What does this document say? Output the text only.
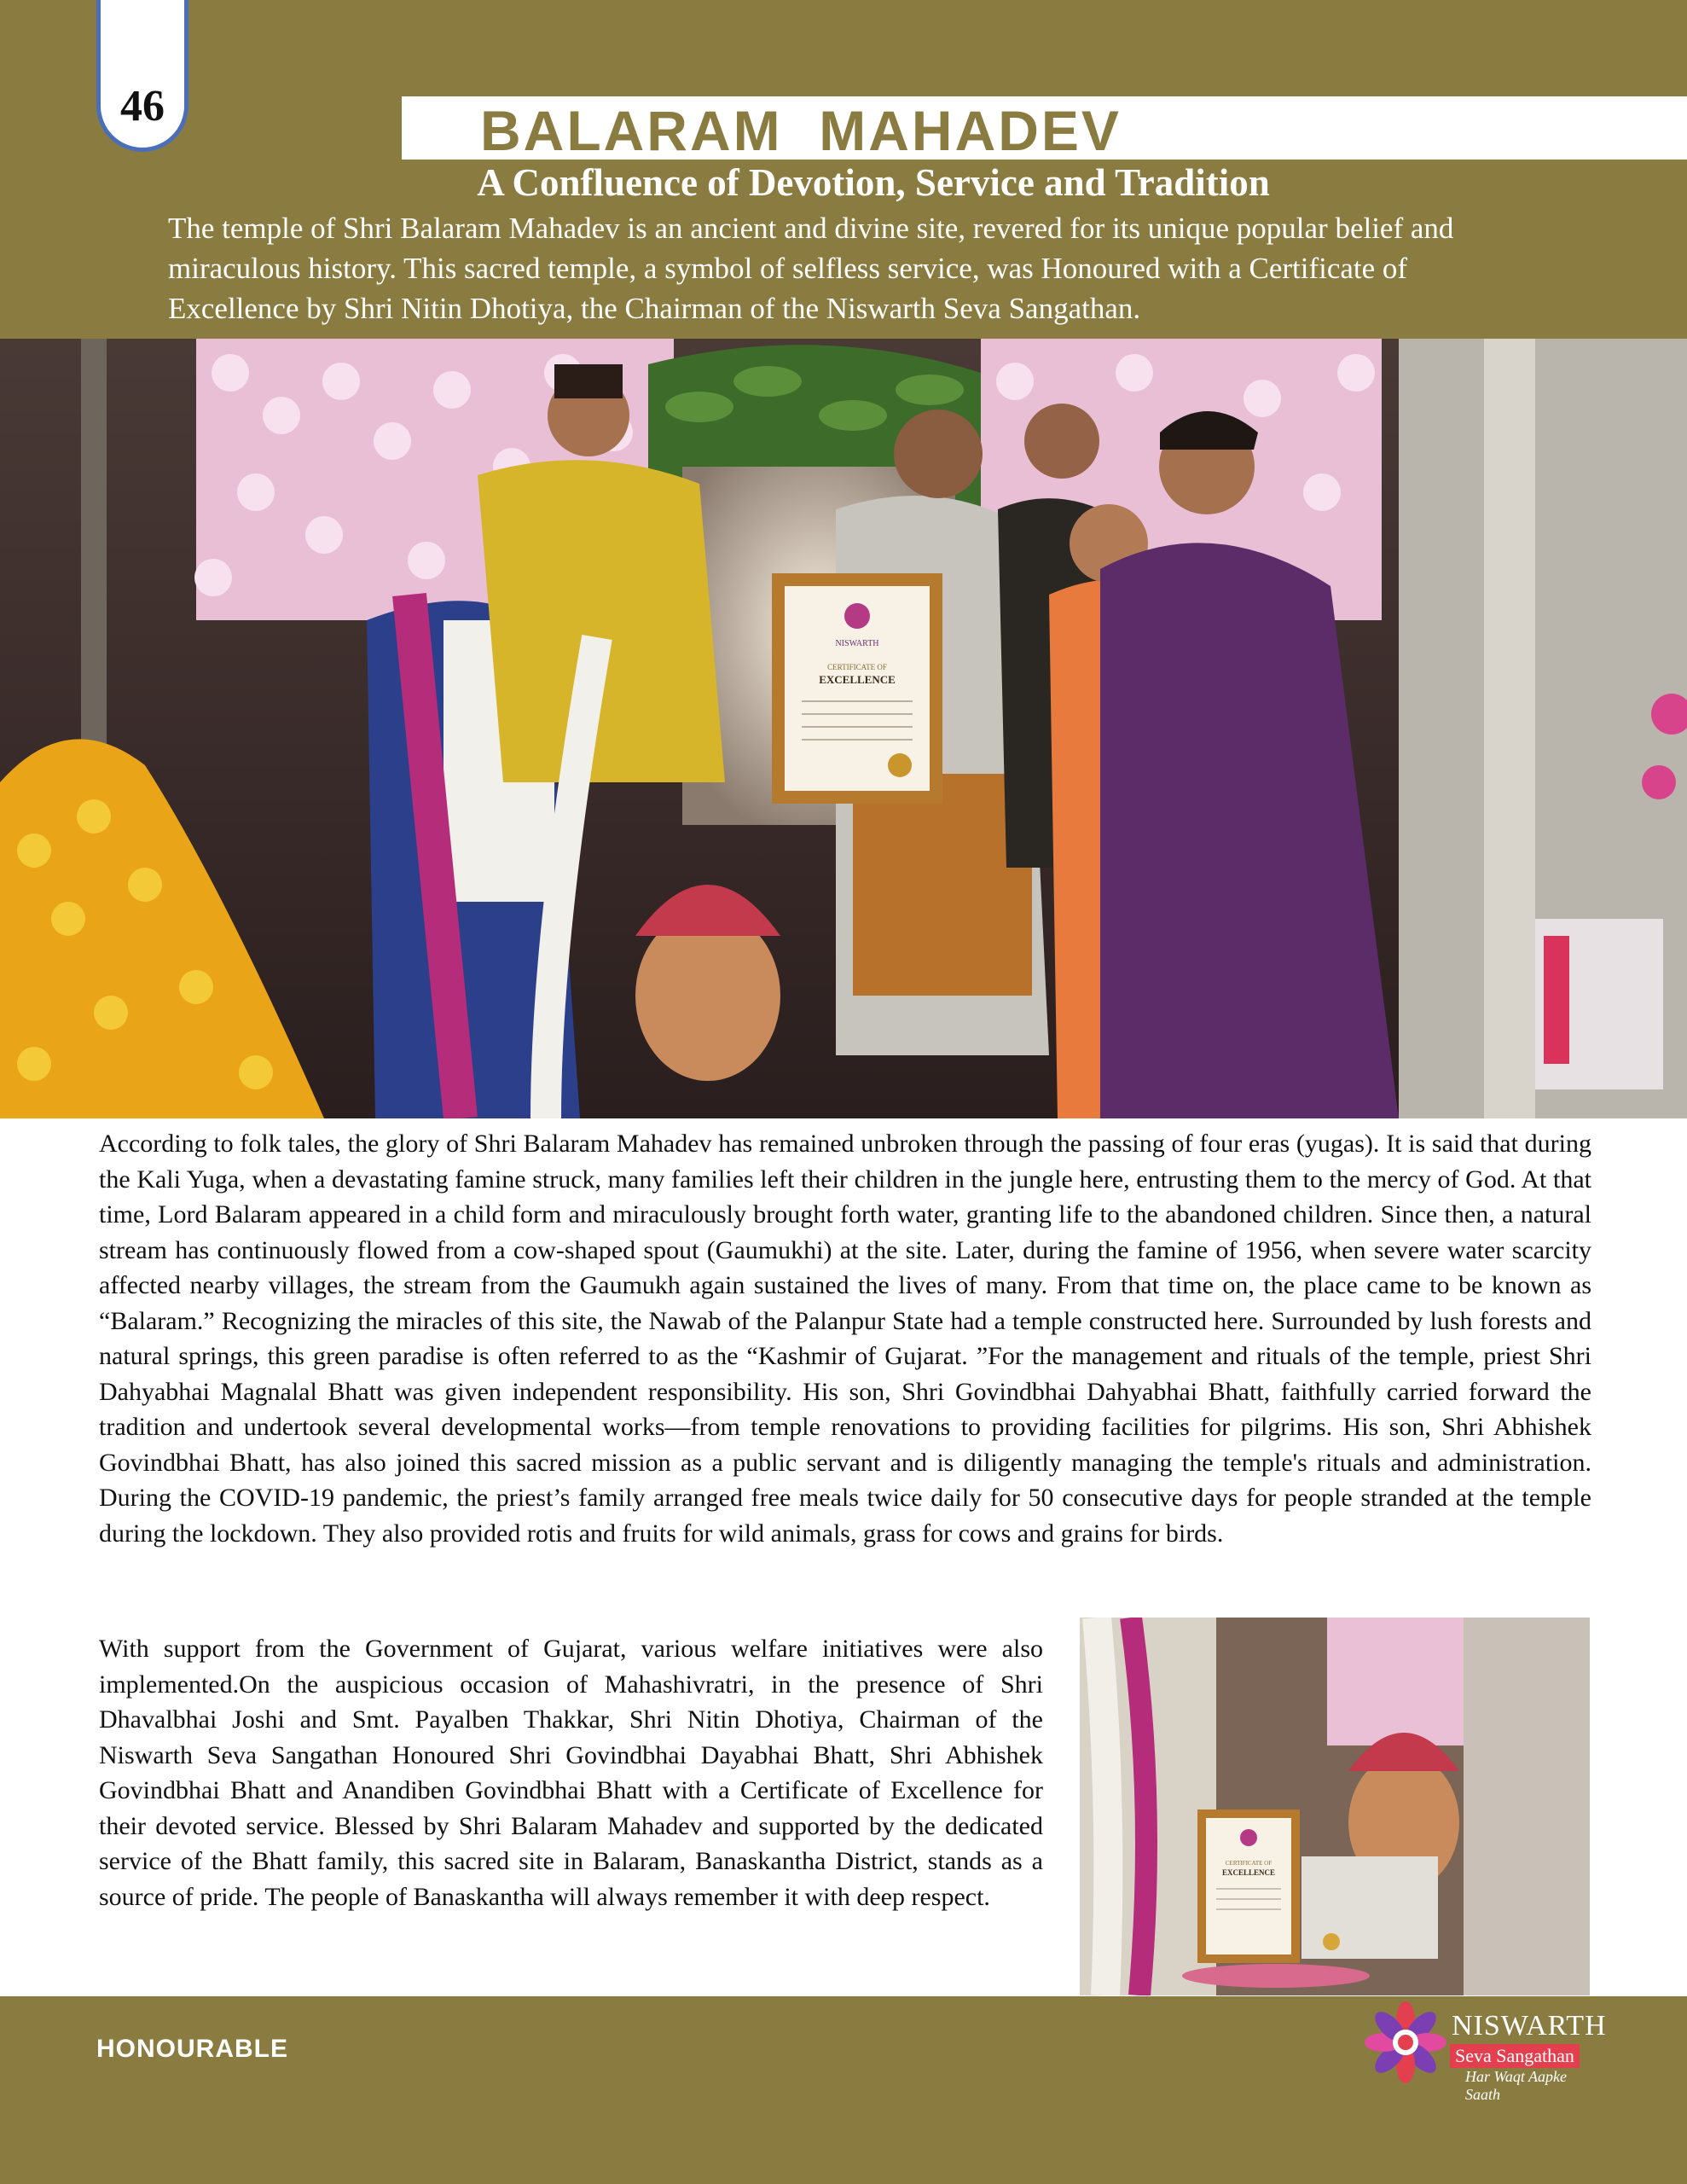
46	BALARAM  MAHADEV
A Confluence of Devotion, Service and Tradition
The temple of Shri Balaram Mahadev is an ancient and divine site, revered for its unique popular belief and miraculous history. This sacred temple, a symbol of selfless service, was Honoured with a Certificate of Excellence by Shri Nitin Dhotiya, the Chairman of the Niswarth Seva Sangathan.
NISWARTH
CERTIFICATE OF
EXCELLENCE
According to folk tales, the glory of Shri Balaram Mahadev has remained unbroken through the passing of four eras (yugas). It is said that during the Kali Yuga, when a devastating famine struck, many families left their children in the jungle here, entrusting them to the mercy of God. At that time, Lord Balaram appeared in a child form and miraculously brought forth water, granting life to the abandoned children. Since then, a natural stream has continuously flowed from a cow-shaped spout (Gaumukhi) at the site. Later, during the famine of 1956, when severe water scarcity affected nearby villages, the stream from the Gaumukh again sustained the lives of many. From that time on, the place came to be known as “Balaram.” Recognizing the miracles of this site, the Nawab of the Palanpur State had a temple constructed here. Surrounded by lush forests and natural springs, this green paradise is often referred to as the “Kashmir of Gujarat. ”For the management and rituals of the temple, priest Shri Dahyabhai Magnalal Bhatt was given independent responsibility. His son, Shri Govindbhai Dahyabhai Bhatt, faithfully carried forward the tradition and undertook several developmental works—from temple renovations to providing facilities for pilgrims. His son, Shri Abhishek Govindbhai Bhatt, has also joined this sacred mission as a public servant and is diligently managing the temple's rituals and administration. During the COVID-19 pandemic, the priest’s family arranged free meals twice daily for 50 consecutive days for people stranded at the temple during the lockdown. They also provided rotis and fruits for wild animals, grass for cows and grains for birds.
With support from the Government of Gujarat, various welfare initiatives were also implemented.On the auspicious occasion of Mahashivratri, in the presence of Shri Dhavalbhai Joshi and Smt. Payalben Thakkar, Shri Nitin Dhotiya, Chairman of the Niswarth Seva Sangathan Honoured Shri Govindbhai Dayabhai Bhatt, Shri Abhishek Govindbhai Bhatt and Anandiben Govindbhai Bhatt with a Certificate of Excellence for their devoted service. Blessed by Shri Balaram Mahadev and supported by the dedicated service of the Bhatt family, this sacred site in Balaram, Banaskantha District, stands as a source of pride. The people of Banaskantha will always remember it with deep respect.
CERTIFICATE OF
EXCELLENCE
HONOURABLE
NISWARTH
Seva Sangathan
Har Waqt Aapke Saath
